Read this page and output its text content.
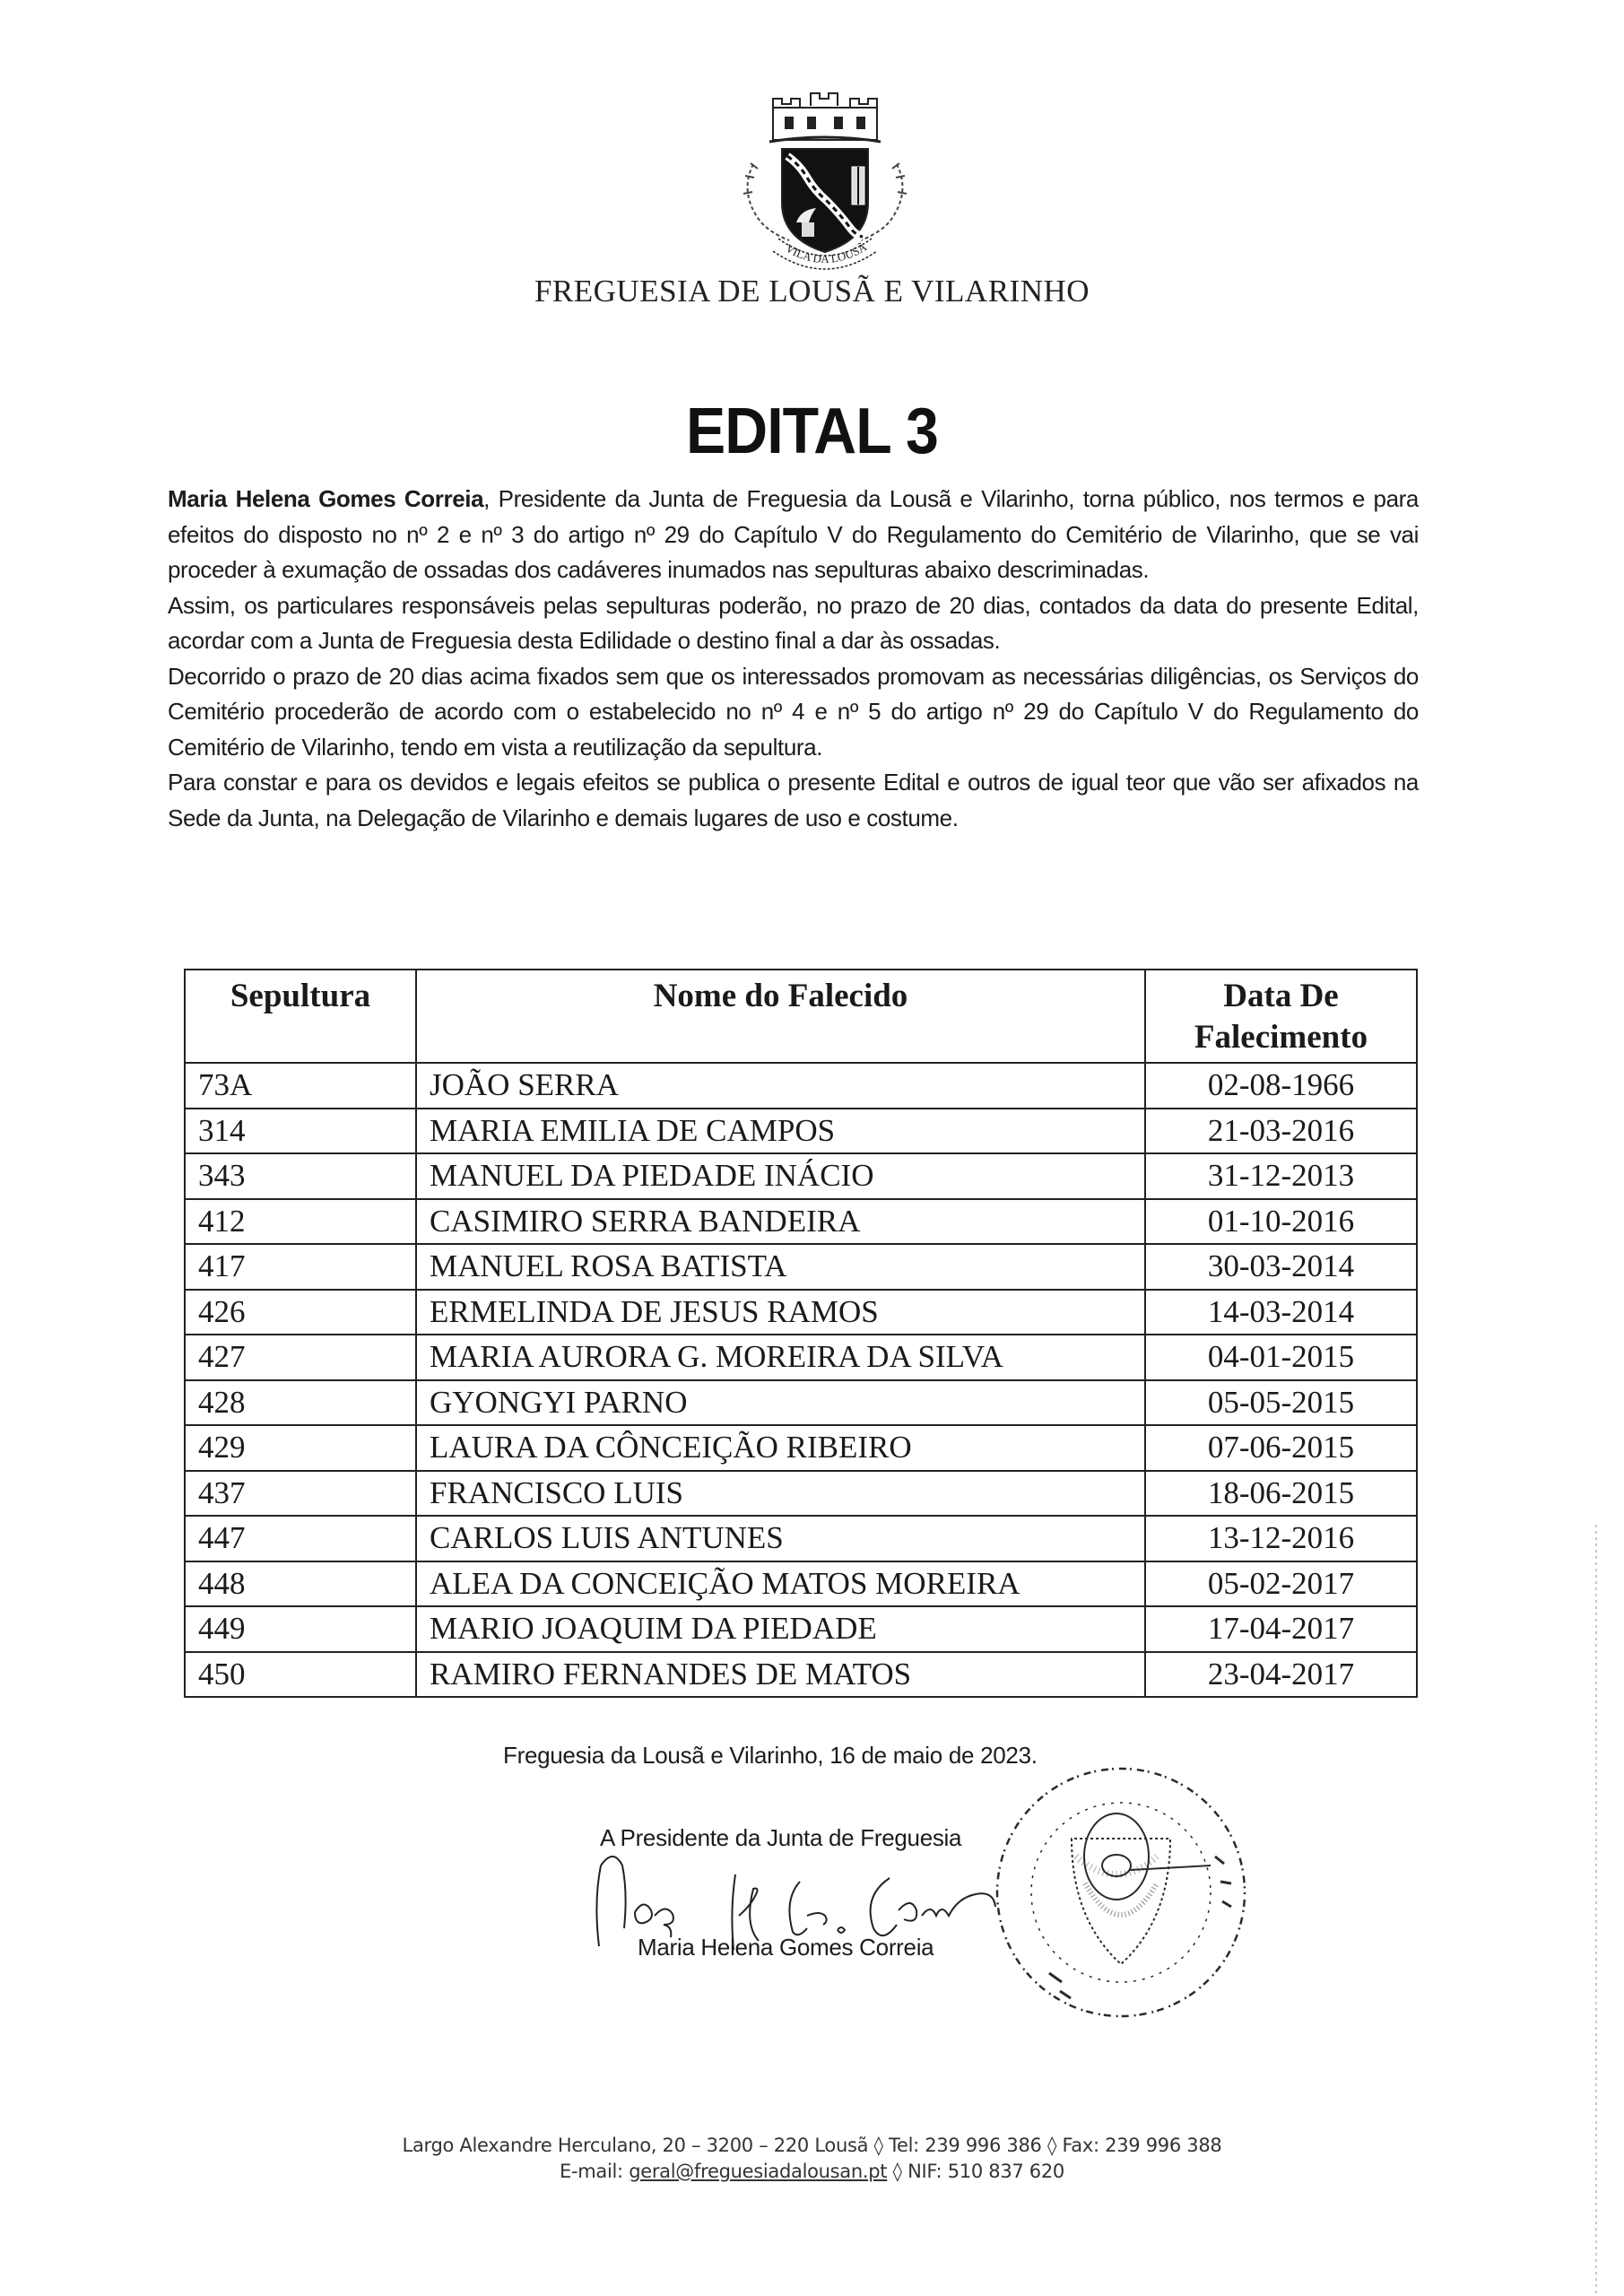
VILA DA LOUSÃ
FREGUESIA DE LOUSÃ E VILARINHO
EDITAL 3

Maria Helena Gomes Correia, Presidente da Junta de Freguesia da Lousã e Vilarinho, torna público, nos termos e para efeitos do disposto no nº 2 e nº 3 do artigo nº 29 do Capítulo V do Regulamento do Cemitério de Vilarinho, que se vai proceder à exumação de ossadas dos cadáveres inumados nas sepulturas abaixo descriminadas.

Assim, os particulares responsáveis pelas sepulturas poderão, no prazo de 20 dias, contados da data do presente Edital, acordar com a Junta de Freguesia desta Edilidade o destino final a dar às ossadas.

Decorrido o prazo de 20 dias acima fixados sem que os interessados promovam as necessárias diligências, os Serviços do Cemitério procederão de acordo com o estabelecido no nº 4 e nº 5 do artigo nº 29 do Capítulo V do Regulamento do Cemitério de Vilarinho, tendo em vista a reutilização da sepultura.

Para constar e para os devidos e legais efeitos se publica o presente Edital e outros de igual teor que vão ser afixados na Sede da Junta, na Delegação de Vilarinho e demais lugares de uso e costume.

Sepultura	Nome do Falecido	Data De
Falecimento
73A	JOÃO SERRA	02-08-1966
314	MARIA EMILIA DE CAMPOS	21-03-2016
343	MANUEL DA PIEDADE INÁCIO	31-12-2013
412	CASIMIRO SERRA BANDEIRA	01-10-2016
417	MANUEL ROSA BATISTA	30-03-2014
426	ERMELINDA DE JESUS RAMOS	14-03-2014
427	MARIA AURORA G. MOREIRA DA SILVA	04-01-2015
428	GYONGYI PARNO	05-05-2015
429	LAURA DA CÔNCEIÇÃO RIBEIRO	07-06-2015
437	FRANCISCO LUIS	18-06-2015
447	CARLOS LUIS ANTUNES	13-12-2016
448	ALEA DA CONCEIÇÃO MATOS MOREIRA	05-02-2017
449	MARIO JOAQUIM DA PIEDADE	17-04-2017
450	RAMIRO FERNANDES DE MATOS	23-04-2017
Freguesia da Lousã e Vilarinho, 16 de maio de 2023.
A Presidente da Junta de Freguesia
Maria Helena Gomes Correia
Largo Alexandre Herculano, 20 – 3200 – 220 Lousã ◊ Tel: 239 996 386 ◊ Fax: 239 996 388
E-mail: geral@freguesiadalousan.pt ◊ NIF: 510 837 620
